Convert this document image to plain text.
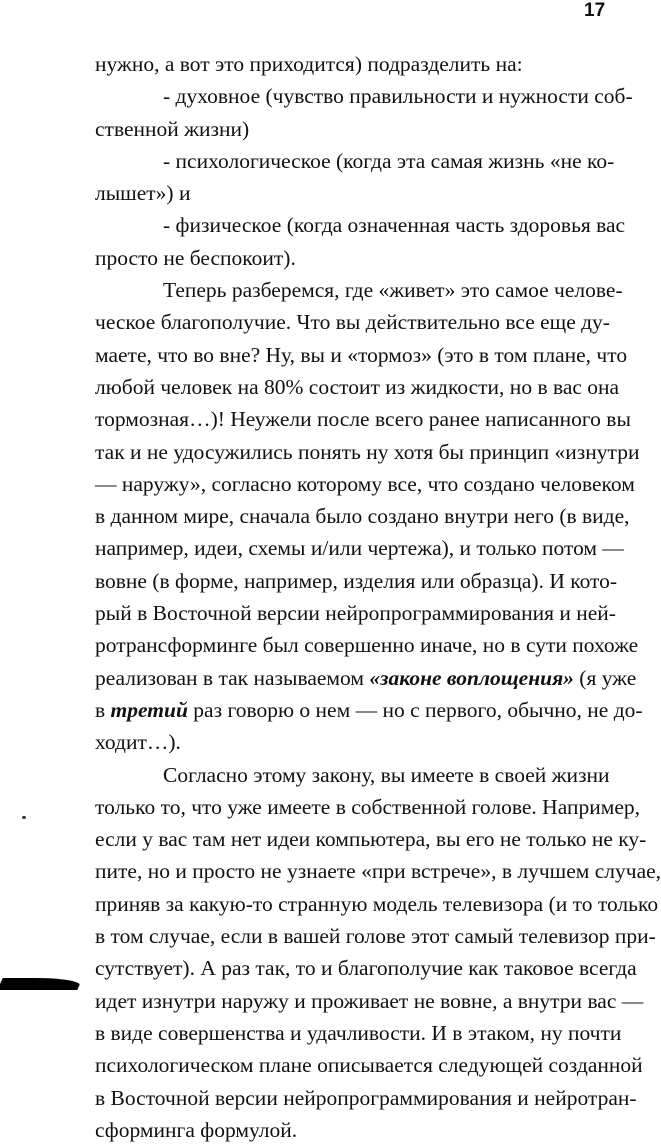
17
нужно, а вот это приходится) подразделить на:
- духовное (чувство правильности и нужности соб-
ственной жизни)
- психологическое (когда эта самая жизнь «не ко-
лышет») и
- физическое (когда означенная часть здоровья вас
просто не беспокоит).
Теперь разберемся, где «живет» это самое челове-
ческое благополучие. Что вы действительно все еще ду-
маете, что во вне? Ну, вы и «тормоз» (это в том плане, что
любой человек на 80% состоит из жидкости, но в вас она
тормозная…)! Неужели после всего ранее написанного вы
так и не удосужились понять ну хотя бы принцип «изнутри
— наружу», согласно которому все, что создано человеком
в данном мире, сначала было создано внутри него (в виде,
например, идеи, схемы и/или чертежа), и только потом —
вовне (в форме, например, изделия или образца). И кото-
рый в Восточной версии нейропрограммирования и ней-
ротрансформинге был совершенно иначе, но в сути похоже
реализован в так называемом «законе воплощения» (я уже
в третий раз говорю о нем — но с первого, обычно, не до-
ходит…).
Согласно этому закону, вы имеете в своей жизни
только то, что уже имеете в собственной голове. Например,
если у вас там нет идеи компьютера, вы его не только не ку-
пите, но и просто не узнаете «при встрече», в лучшем случае,
приняв за какую-то странную модель телевизора (и то только
в том случае, если в вашей голове этот самый телевизор при-
сутствует). А раз так, то и благополучие как таковое всегда
идет изнутри наружу и проживает не вовне, а внутри вас —
в виде совершенства и удачливости. И в этаком, ну почти
психологическом плане описывается следующей созданной
в Восточной версии нейропрограммирования и нейротран-
сформинга формулой.
